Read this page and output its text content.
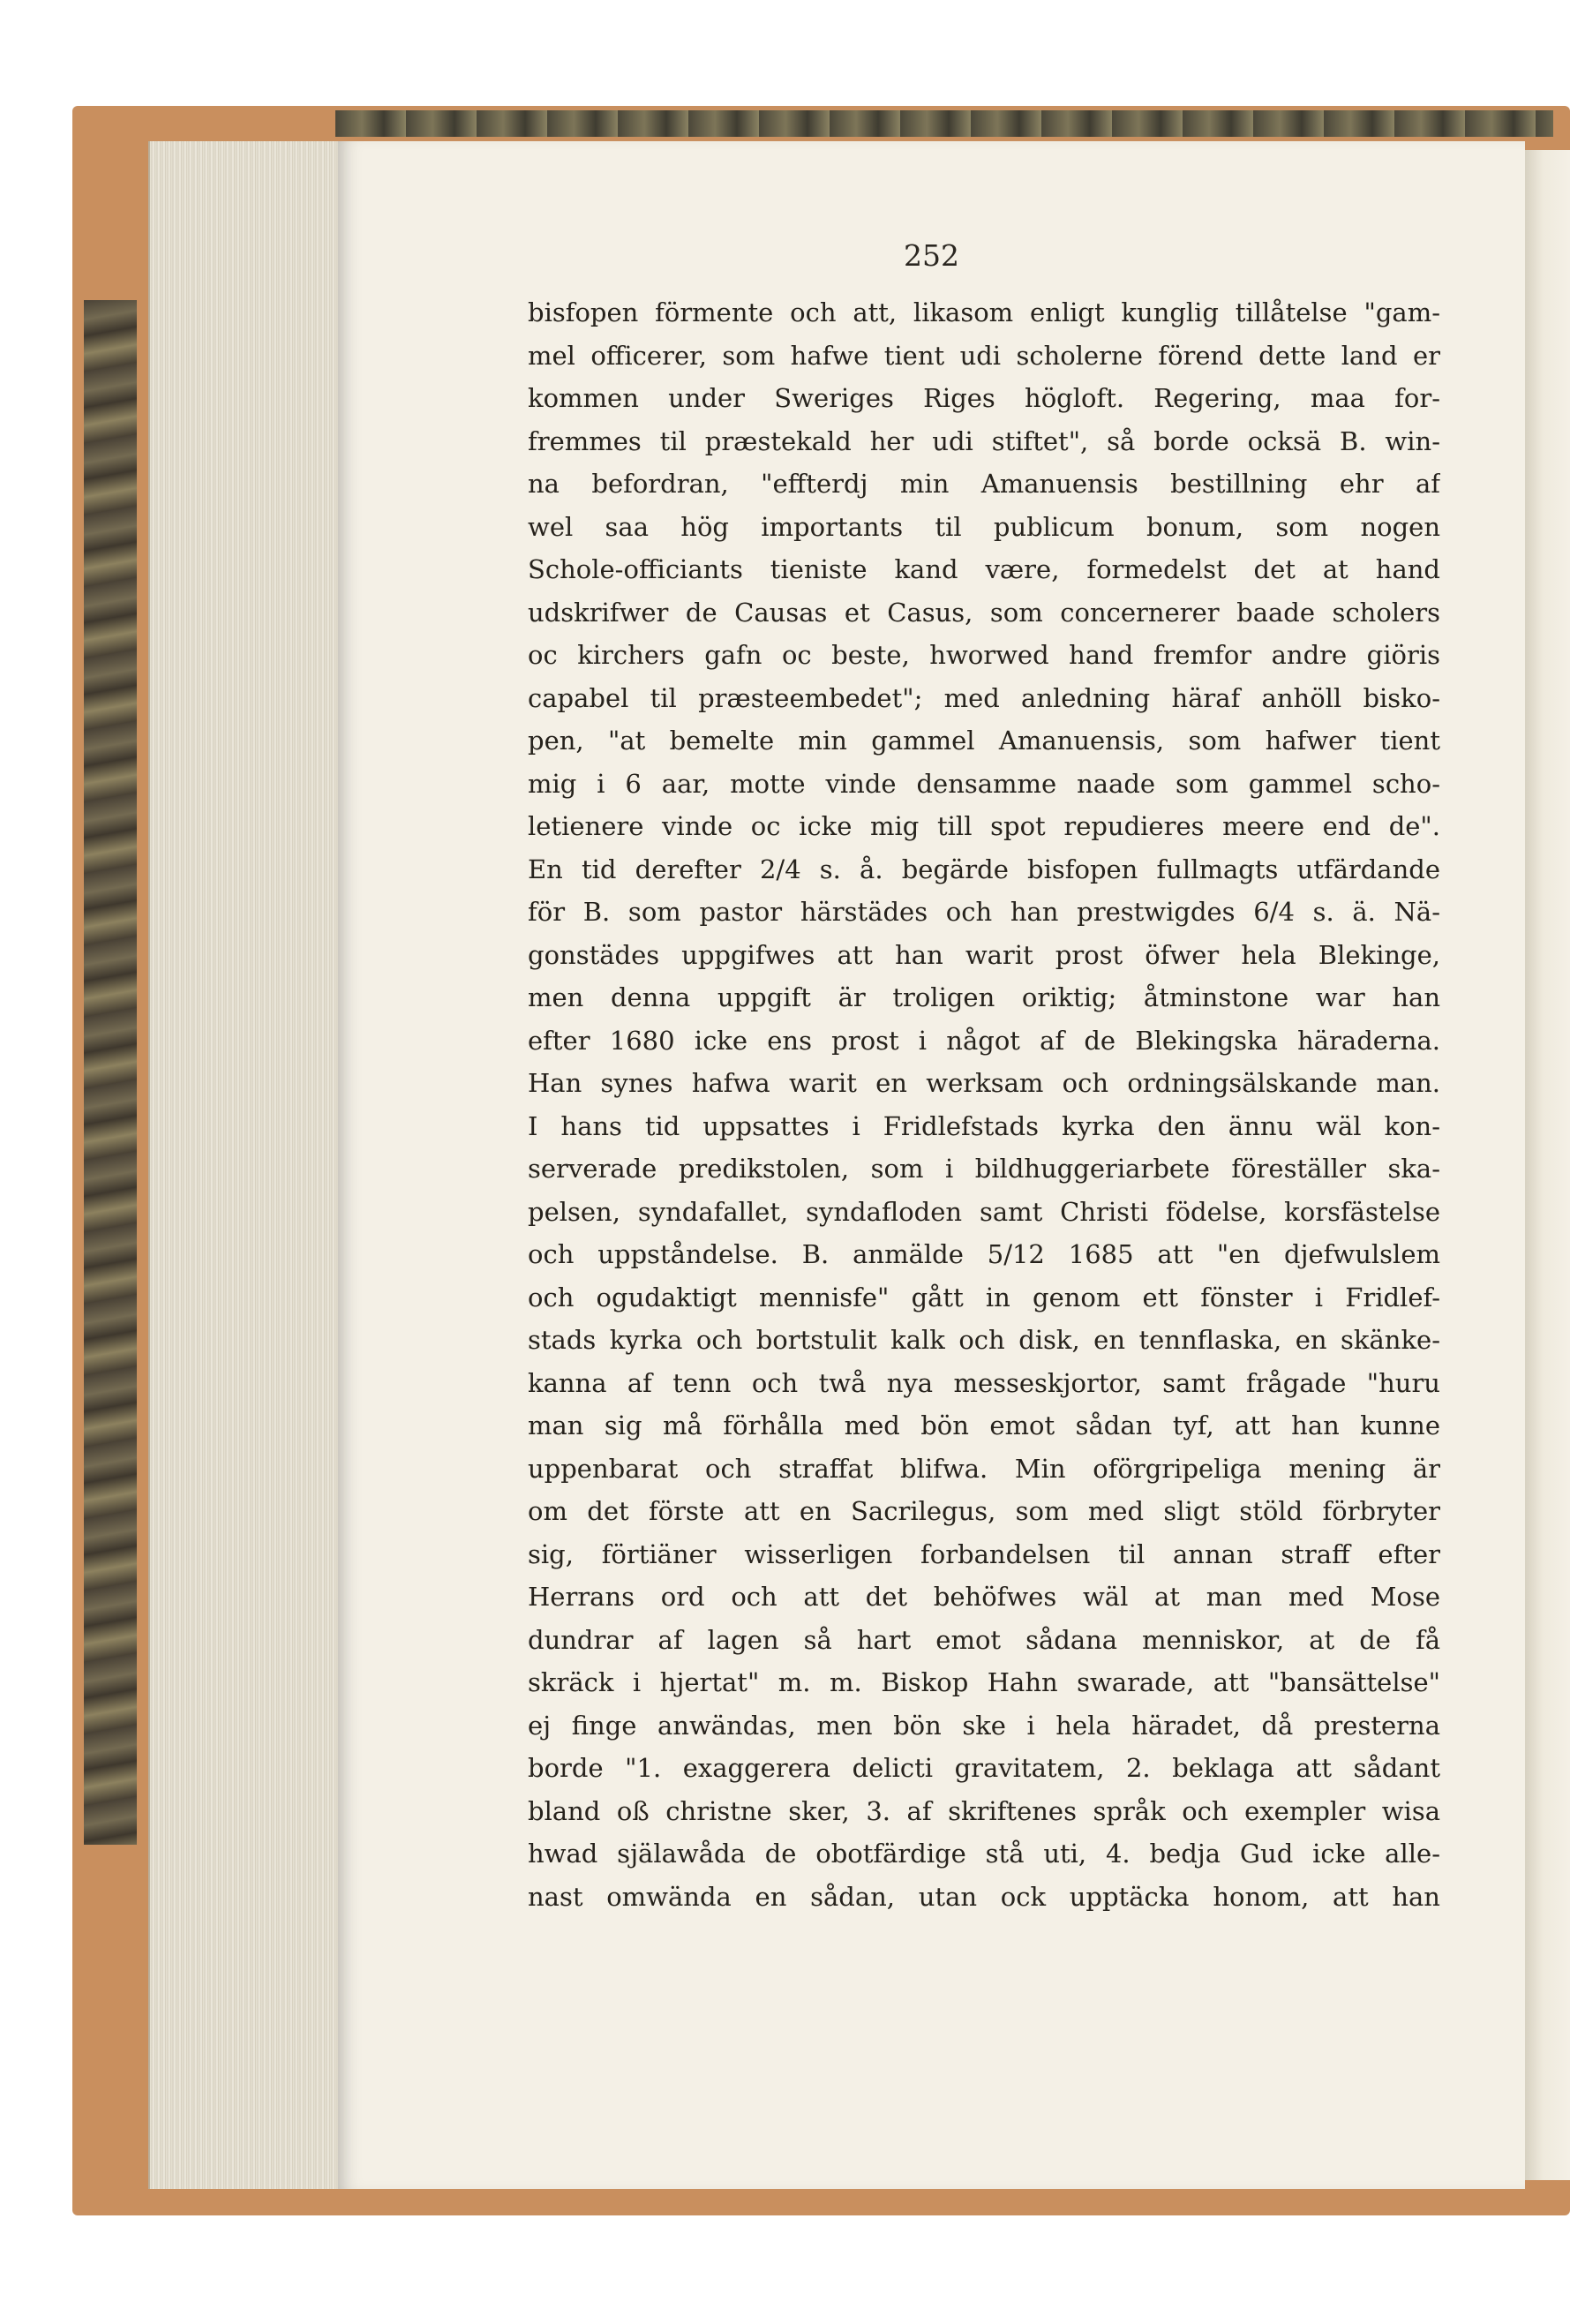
252
bisfopen förmente och att, likasom enligt kunglig tillåtelse "gam-
mel officerer, som hafwe tient udi scholerne förend dette land er
kommen under Sweriges Riges högloft. Regering, maa for-
fremmes til præstekald her udi stiftet", så borde ocksä B. win-
na befordran, "effterdj min Amanuensis bestillning ehr af
wel saa hög importants til publicum bonum, som nogen
Schole-officiants tieniste kand være, formedelst det at hand
udskrifwer de Causas et Casus, som concernerer baade scholers
oc kirchers gafn oc beste, hworwed hand fremfor andre giöris
capabel til præsteembedet"; med anledning häraf anhöll bisko-
pen, "at bemelte min gammel Amanuensis, som hafwer tient
mig i 6 aar, motte vinde densamme naade som gammel scho-
letienere vinde oc icke mig till spot repudieres meere end de".
En tid derefter 2/4 s. å. begärde bisfopen fullmagts utfärdande
för B. som pastor härstädes och han prestwigdes 6/4 s. ä. Nä-
gonstädes uppgifwes att han warit prost öfwer hela Blekinge,
men denna uppgift är troligen oriktig; åtminstone war han
efter 1680 icke ens prost i något af de Blekingska häraderna.
Han synes hafwa warit en werksam och ordningsälskande man.
I hans tid uppsattes i Fridlefstads kyrka den ännu wäl kon-
serverade predikstolen, som i bildhuggeriarbete föreställer ska-
pelsen, syndafallet, syndafloden samt Christi födelse, korsfästelse
och uppståndelse. B. anmälde 5/12 1685 att "en djefwulslem
och ogudaktigt mennisfe" gått in genom ett fönster i Fridlef-
stads kyrka och bortstulit kalk och disk, en tennflaska, en skänke-
kanna af tenn och twå nya messeskjortor, samt frågade "huru
man sig må förhålla med bön emot sådan tyf, att han kunne
uppenbarat och straffat blifwa. Min oförgripeliga mening är
om det förste att en Sacrilegus, som med sligt stöld förbryter
sig, förtiäner wisserligen forbandelsen til annan straff efter
Herrans ord och att det behöfwes wäl at man med Mose
dundrar af lagen så hart emot sådana menniskor, at de få
skräck i hjertat" m. m. Biskop Hahn swarade, att "bansättelse"
ej finge anwändas, men bön ske i hela häradet, då presterna
borde "1. exaggerera delicti gravitatem, 2. beklaga att sådant
bland oß christne sker, 3. af skriftenes språk och exempler wisa
hwad själawåda de obotfärdige stå uti, 4. bedja Gud icke alle-
nast omwända en sådan, utan ock upptäcka honom, att han
